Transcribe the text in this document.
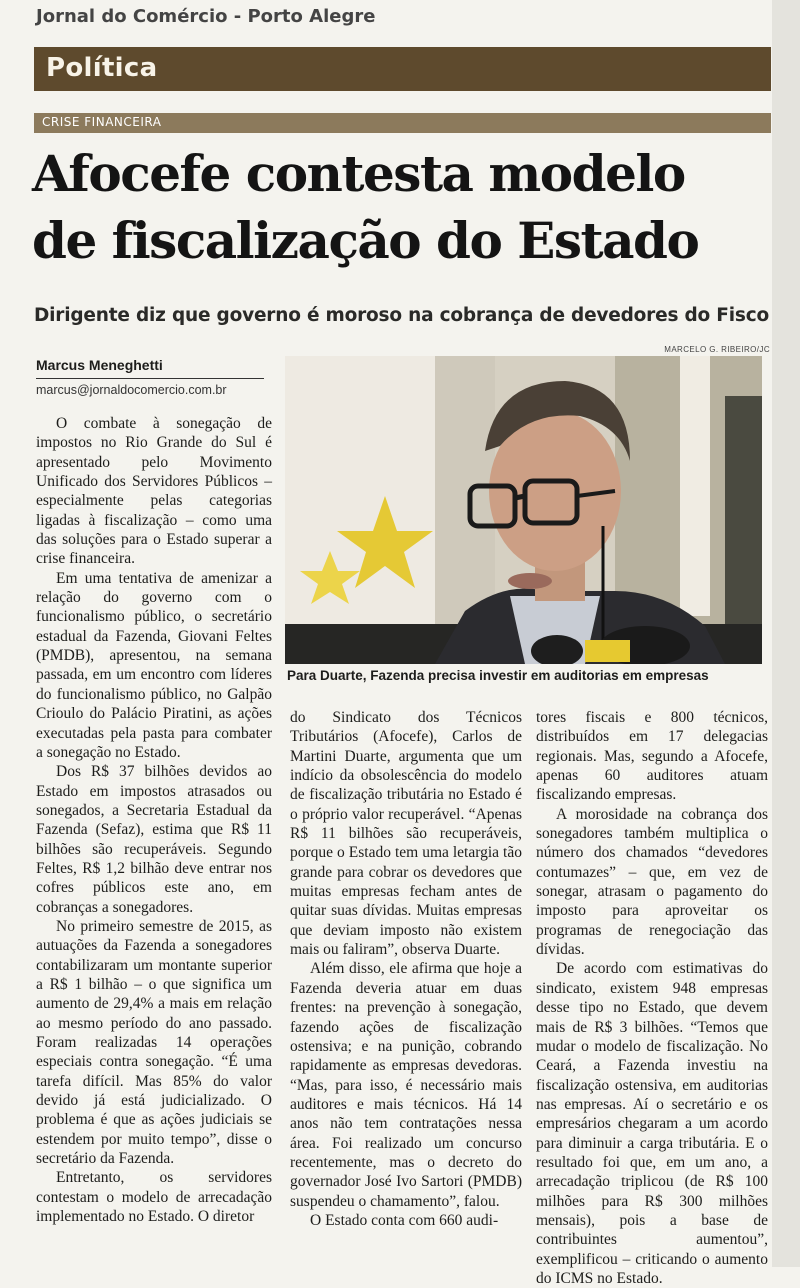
Jornal do Comércio - Porto Alegre
Política
CRISE FINANCEIRA
Afocefe contesta modelo
de fiscalização do Estado
Dirigente diz que governo é moroso na cobrança de devedores do Fisco
Marcus Meneghetti
marcus@jornaldocomercio.com.br
MARCELO G. RIBEIRO/JC
Para Duarte, Fazenda precisa investir em auditorias em empresas

O combate à sonegação de impostos no Rio Grande do Sul é apresentado pelo Movimento Unificado dos Servidores Públicos – especialmente pelas categorias ligadas à fiscalização – como uma das soluções para o Estado superar a crise financeira.

Em uma tentativa de amenizar a relação do governo com o funcionalismo público, o secretário estadual da Fazenda, Giovani Feltes (PMDB), apresentou, na semana passada, em um encontro com líderes do funcionalismo público, no Galpão Crioulo do Palácio Piratini, as ações executadas pela pasta para combater a sonegação no Estado.

Dos R$ 37 bilhões devidos ao Estado em impostos atrasados ou sonegados, a Secretaria Estadual da Fazenda (Sefaz), estima que R$ 11 bilhões são recuperáveis. Segundo Feltes, R$ 1,2 bilhão deve entrar nos cofres públicos este ano, em cobranças a sonegadores.

No primeiro semestre de 2015, as autuações da Fazenda a sonegadores contabilizaram um montante superior a R$ 1 bilhão – o que significa um aumento de 29,4% a mais em relação ao mesmo período do ano passado. Foram realizadas 14 operações especiais contra sonegação. “É uma tarefa difícil. Mas 85% do valor devido já está judicializado. O problema é que as ações judiciais se estendem por muito tempo”, disse o secretário da Fazenda.

Entretanto, os servidores contestam o modelo de arrecadação implementado no Estado. O diretor

do Sindicato dos Técnicos Tributários (Afocefe), Carlos de Martini Duarte, argumenta que um indício da obsolescência do modelo de fiscalização tributária no Estado é o próprio valor recuperável. “Apenas R$ 11 bilhões são recuperáveis, porque o Estado tem uma letargia tão grande para cobrar os devedores que muitas empresas fecham antes de quitar suas dívidas. Muitas empresas que deviam imposto não existem mais ou faliram”, observa Duarte.

Além disso, ele afirma que hoje a Fazenda deveria atuar em duas frentes: na prevenção à sonegação, fazendo ações de fiscalização ostensiva; e na punição, cobrando rapidamente as empresas devedoras. “Mas, para isso, é necessário mais auditores e mais técnicos. Há 14 anos não tem contratações nessa área. Foi realizado um concurso recentemente, mas o decreto do governador José Ivo Sartori (PMDB) suspendeu o chamamento”, falou.

O Estado conta com 660 audi-

tores fiscais e 800 técnicos, distribuídos em 17 delegacias regionais. Mas, segundo a Afocefe, apenas 60 auditores atuam fiscalizando empresas.

A morosidade na cobrança dos sonegadores também multiplica o número dos chamados “devedores contumazes” – que, em vez de sonegar, atrasam o pagamento do imposto para aproveitar os programas de renegociação das dívidas.

De acordo com estimativas do sindicato, existem 948 empresas desse tipo no Estado, que devem mais de R$ 3 bilhões. “Temos que mudar o modelo de fiscalização. No Ceará, a Fazenda investiu na fiscalização ostensiva, em auditorias nas empresas. Aí o secretário e os empresários chegaram a um acordo para diminuir a carga tributária. E o resultado foi que, em um ano, a arrecadação triplicou (de R$ 100 milhões para R$ 300 milhões mensais), pois a base de contribuintes aumentou”, exemplificou – criticando o aumento do ICMS no Estado.
